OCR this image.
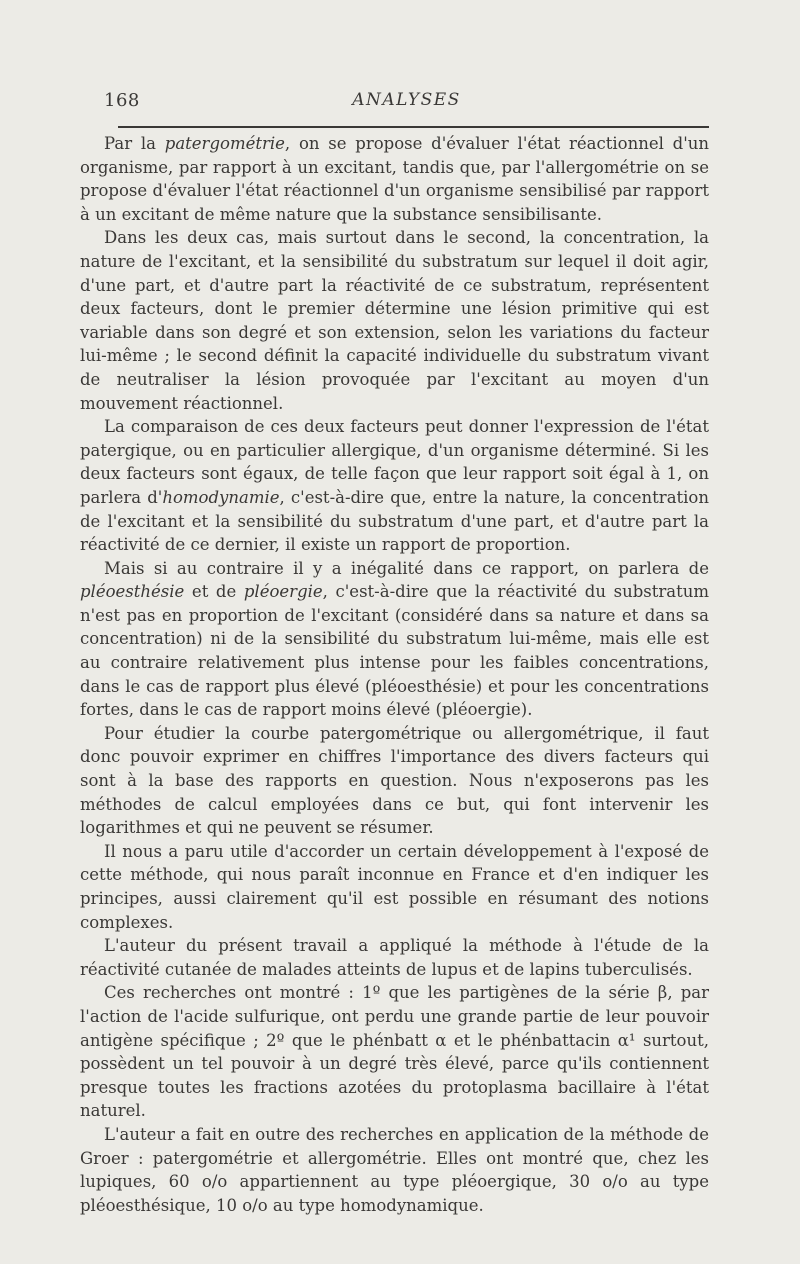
168	ANALYSES

Par la patergométrie, on se propose d'évaluer l'état réactionnel d'un organisme, par rapport à un excitant, tandis que, par l'allergométrie on se propose d'évaluer l'état réactionnel d'un organisme sensibilisé par rapport à un excitant de même nature que la substance sensibilisante.

Dans les deux cas, mais surtout dans le second, la concentration, la nature de l'excitant, et la sensibilité du substratum sur lequel il doit agir, d'une part, et d'autre part la réactivité de ce substratum, représentent deux facteurs, dont le premier détermine une lésion primitive qui est variable dans son degré et son extension, selon les variations du facteur lui-même ; le second définit la capacité individuelle du substratum vivant de neutraliser la lésion provoquée par l'excitant au moyen d'un mouvement réactionnel.

La comparaison de ces deux facteurs peut donner l'expression de l'état patergique, ou en particulier allergique, d'un organisme déterminé. Si les deux facteurs sont égaux, de telle façon que leur rapport soit égal à 1, on parlera d'homodynamie, c'est-à-dire que, entre la nature, la concentration de l'excitant et la sensibilité du substratum d'une part, et d'autre part la réactivité de ce dernier, il existe un rapport de proportion.

Mais si au contraire il y a inégalité dans ce rapport, on parlera de pléoesthésie et de pléoergie, c'est-à-dire que la réactivité du substratum n'est pas en proportion de l'excitant (considéré dans sa nature et dans sa concentration) ni de la sensibilité du substratum lui-même, mais elle est au contraire relativement plus intense pour les faibles concentrations, dans le cas de rapport plus élevé (pléoesthésie) et pour les concentrations fortes, dans le cas de rapport moins élevé (pléoergie).

Pour étudier la courbe patergométrique ou allergométrique, il faut donc pouvoir exprimer en chiffres l'importance des divers facteurs qui sont à la base des rapports en question. Nous n'exposerons pas les méthodes de calcul employées dans ce but, qui font intervenir les logarithmes et qui ne peuvent se résumer.

Il nous a paru utile d'accorder un certain développement à l'exposé de cette méthode, qui nous paraît inconnue en France et d'en indiquer les principes, aussi clairement qu'il est possible en résumant des notions complexes.

L'auteur du présent travail a appliqué la méthode à l'étude de la réactivité cutanée de malades atteints de lupus et de lapins tuberculisés.

Ces recherches ont montré : 1º que les partigènes de la série β, par l'action de l'acide sulfurique, ont perdu une grande partie de leur pouvoir antigène spécifique ; 2º que le phénbatt α et le phénbattacin α¹ surtout, possèdent un tel pouvoir à un degré très élevé, parce qu'ils contiennent presque toutes les fractions azotées du protoplasma bacillaire à l'état naturel.

L'auteur a fait en outre des recherches en application de la méthode de Groer : patergométrie et allergométrie. Elles ont montré que, chez les lupiques, 60 o/o appartiennent au type pléoergique, 30 o/o au type pléoesthésique, 10 o/o au type homodynamique.
